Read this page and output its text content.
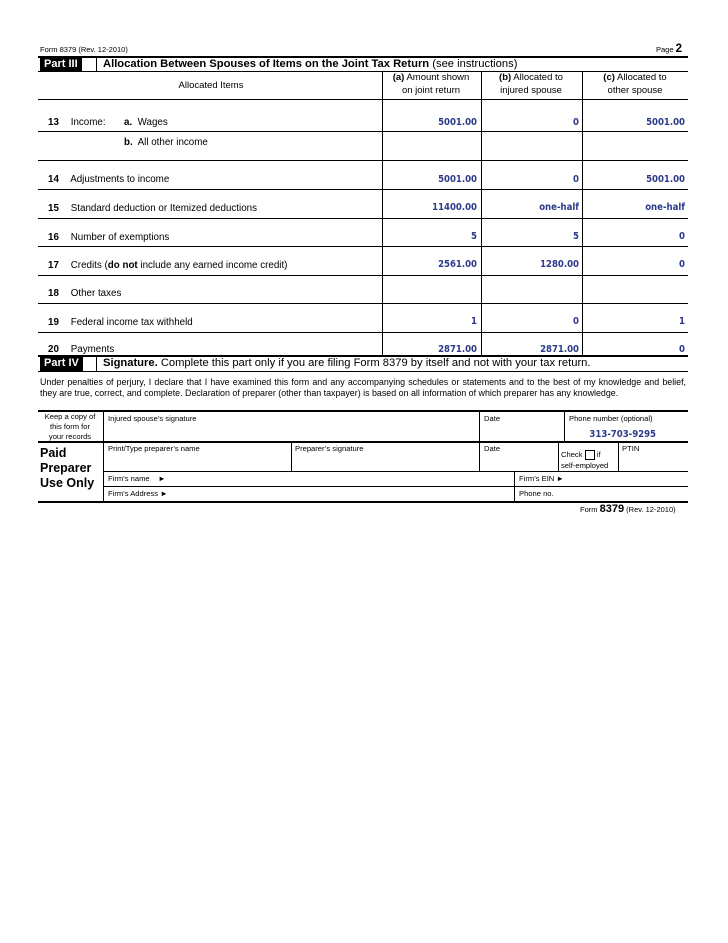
Form 8379 (Rev. 12-2010)	Page 2
Part III	Allocation Between Spouses of Items on the Joint Tax Return (see instructions)
Allocated Items
(a) Amount shown
on joint return
(b) Allocated to
injured spouse
(c) Allocated to
other spouse
13 Income: a. Wages	5001.00	0	5001.00
b. All other income
14 Adjustments to income	5001.00	0	5001.00
15 Standard deduction or Itemized deductions	11400.00	one-half	one-half
16 Number of exemptions	5	5	0
17 Credits (do not include any earned income credit)	2561.00	1280.00	0
18 Other taxes
19 Federal income tax withheld	1	0	1
20 Payments	2871.00	2871.00	0
Part IV	Signature. Complete this part only if you are filing Form 8379 by itself and not with your tax return.
Under penalties of perjury, I declare that I have examined this form and any accompanying schedules or statements and to the best of my knowledge and belief, they are true, correct, and complete. Declaration of preparer (other than taxpayer) is based on all information of which preparer has any knowledge.
Keep a copy of
this form for
your records
Injured spouse’s signature	Date	Phone number (optional)
313-703-9295
Paid
Preparer
Use Only
Print/Type preparer’s name	Preparer’s signature	Date
Check if
self-employed
PTIN
Firm’s name ►	Firm’s EIN ►
Firm’s Address ►	Phone no.
Form 8379 (Rev. 12-2010)
